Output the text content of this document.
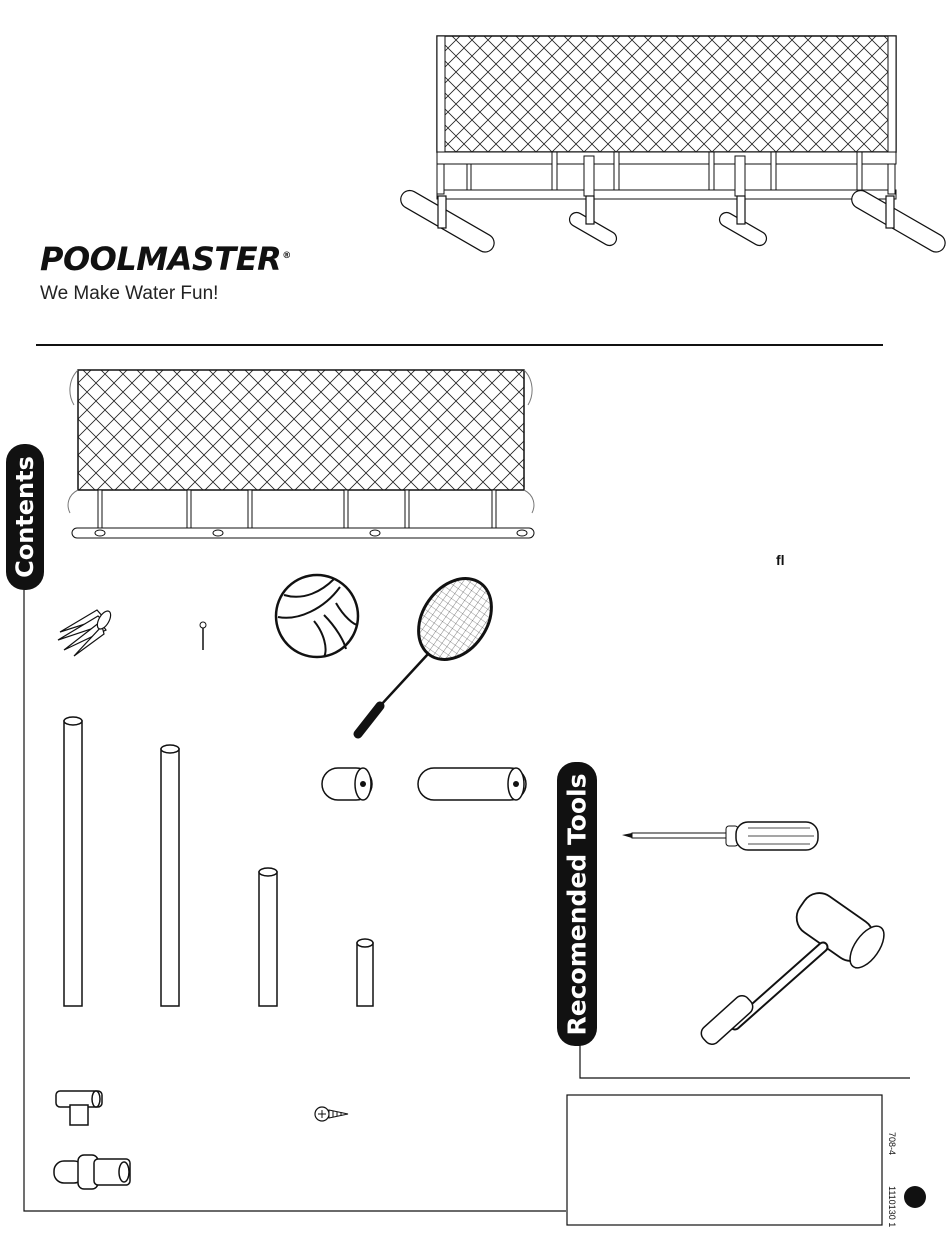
POOLMASTER®
We Make Water Fun!
Contents	ﬂ
Recomended Tools
708-4
1110130 1
